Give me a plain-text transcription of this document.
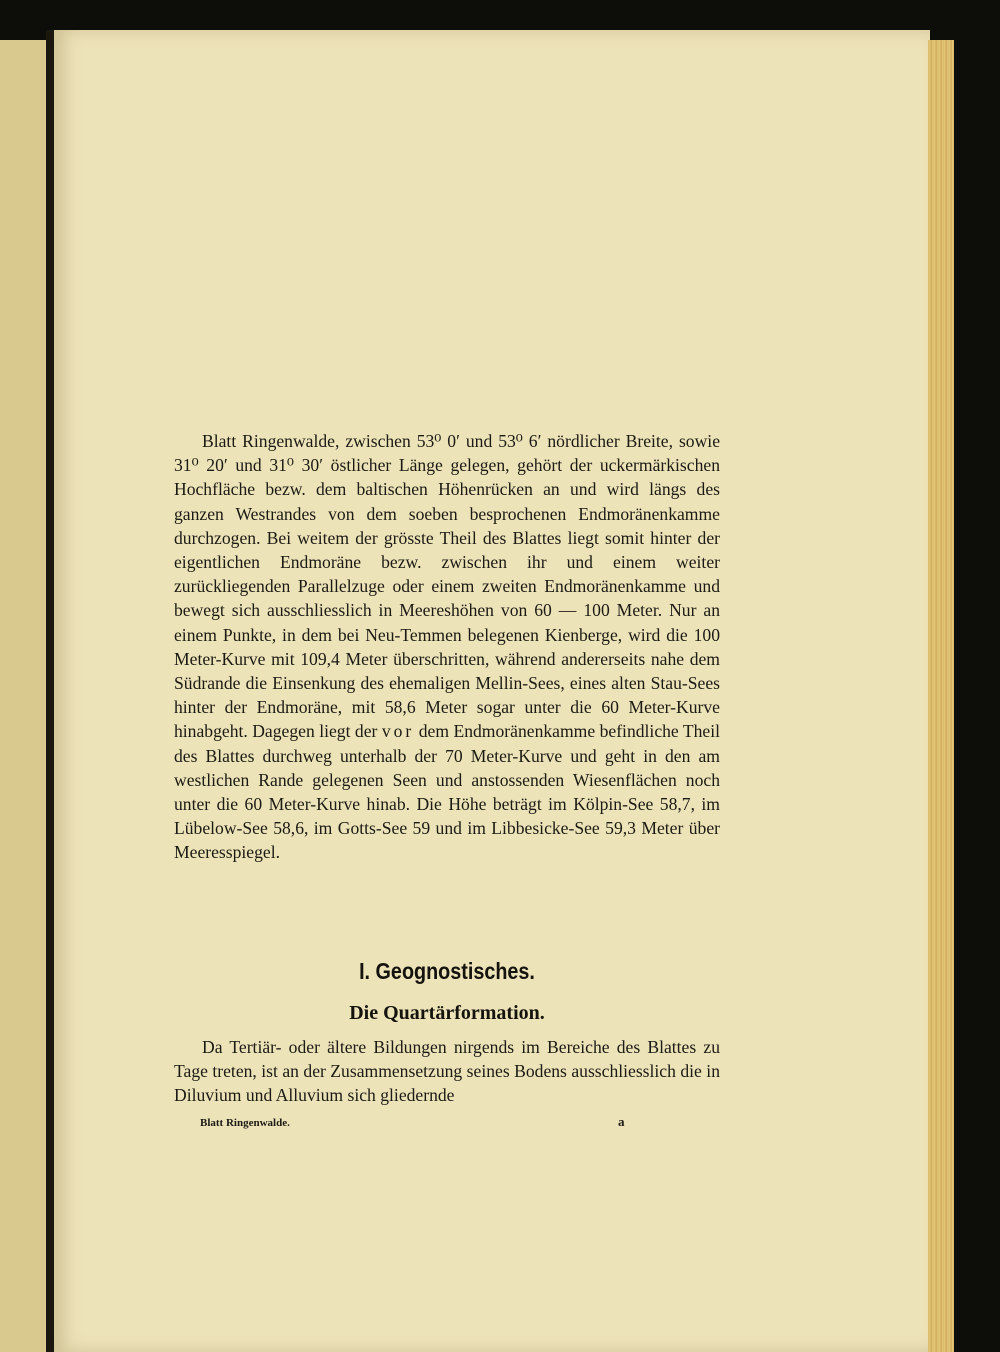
Blatt Ringenwalde, zwischen 53⁰ 0′ und 53⁰ 6′ nördlicher Breite, sowie 31⁰ 20′ und 31⁰ 30′ östlicher Länge gelegen, gehört der uckermärkischen Hochfläche bezw. dem baltischen Höhenrücken an und wird längs des ganzen Westrandes von dem soeben besprochenen Endmoränenkamme durchzogen. Bei weitem der grösste Theil des Blattes liegt somit hinter der eigentlichen Endmoräne bezw. zwischen ihr und einem weiter zurückliegenden Parallelzuge oder einem zweiten Endmoränenkamme und bewegt sich ausschliesslich in Meereshöhen von 60 — 100 Meter. Nur an einem Punkte, in dem bei Neu-Temmen belegenen Kienberge, wird die 100 Meter-Kurve mit 109,4 Meter überschritten, während andererseits nahe dem Südrande die Einsenkung des ehemaligen Mellin-Sees, eines alten Stau-Sees hinter der Endmoräne, mit 58,6 Meter sogar unter die 60 Meter-Kurve hinabgeht. Dagegen liegt der vor dem Endmoränenkamme befindliche Theil des Blattes durchweg unterhalb der 70 Meter-Kurve und geht in den am westlichen Rande gelegenen Seen und anstossenden Wiesenflächen noch unter die 60 Meter-Kurve hinab. Die Höhe beträgt im Kölpin-See 58,7, im Lübelow-See 58,6, im Gotts-See 59 und im Libbesicke-See 59,3 Meter über Meeresspiegel.

I. Geognostisches.
Die Quartärformation.

Da Tertiär- oder ältere Bildungen nirgends im Bereiche des Blattes zu Tage treten, ist an der Zusammensetzung seines Bodens ausschliesslich die in Diluvium und Alluvium sich gliedernde

Blatt Ringenwalde.	a
